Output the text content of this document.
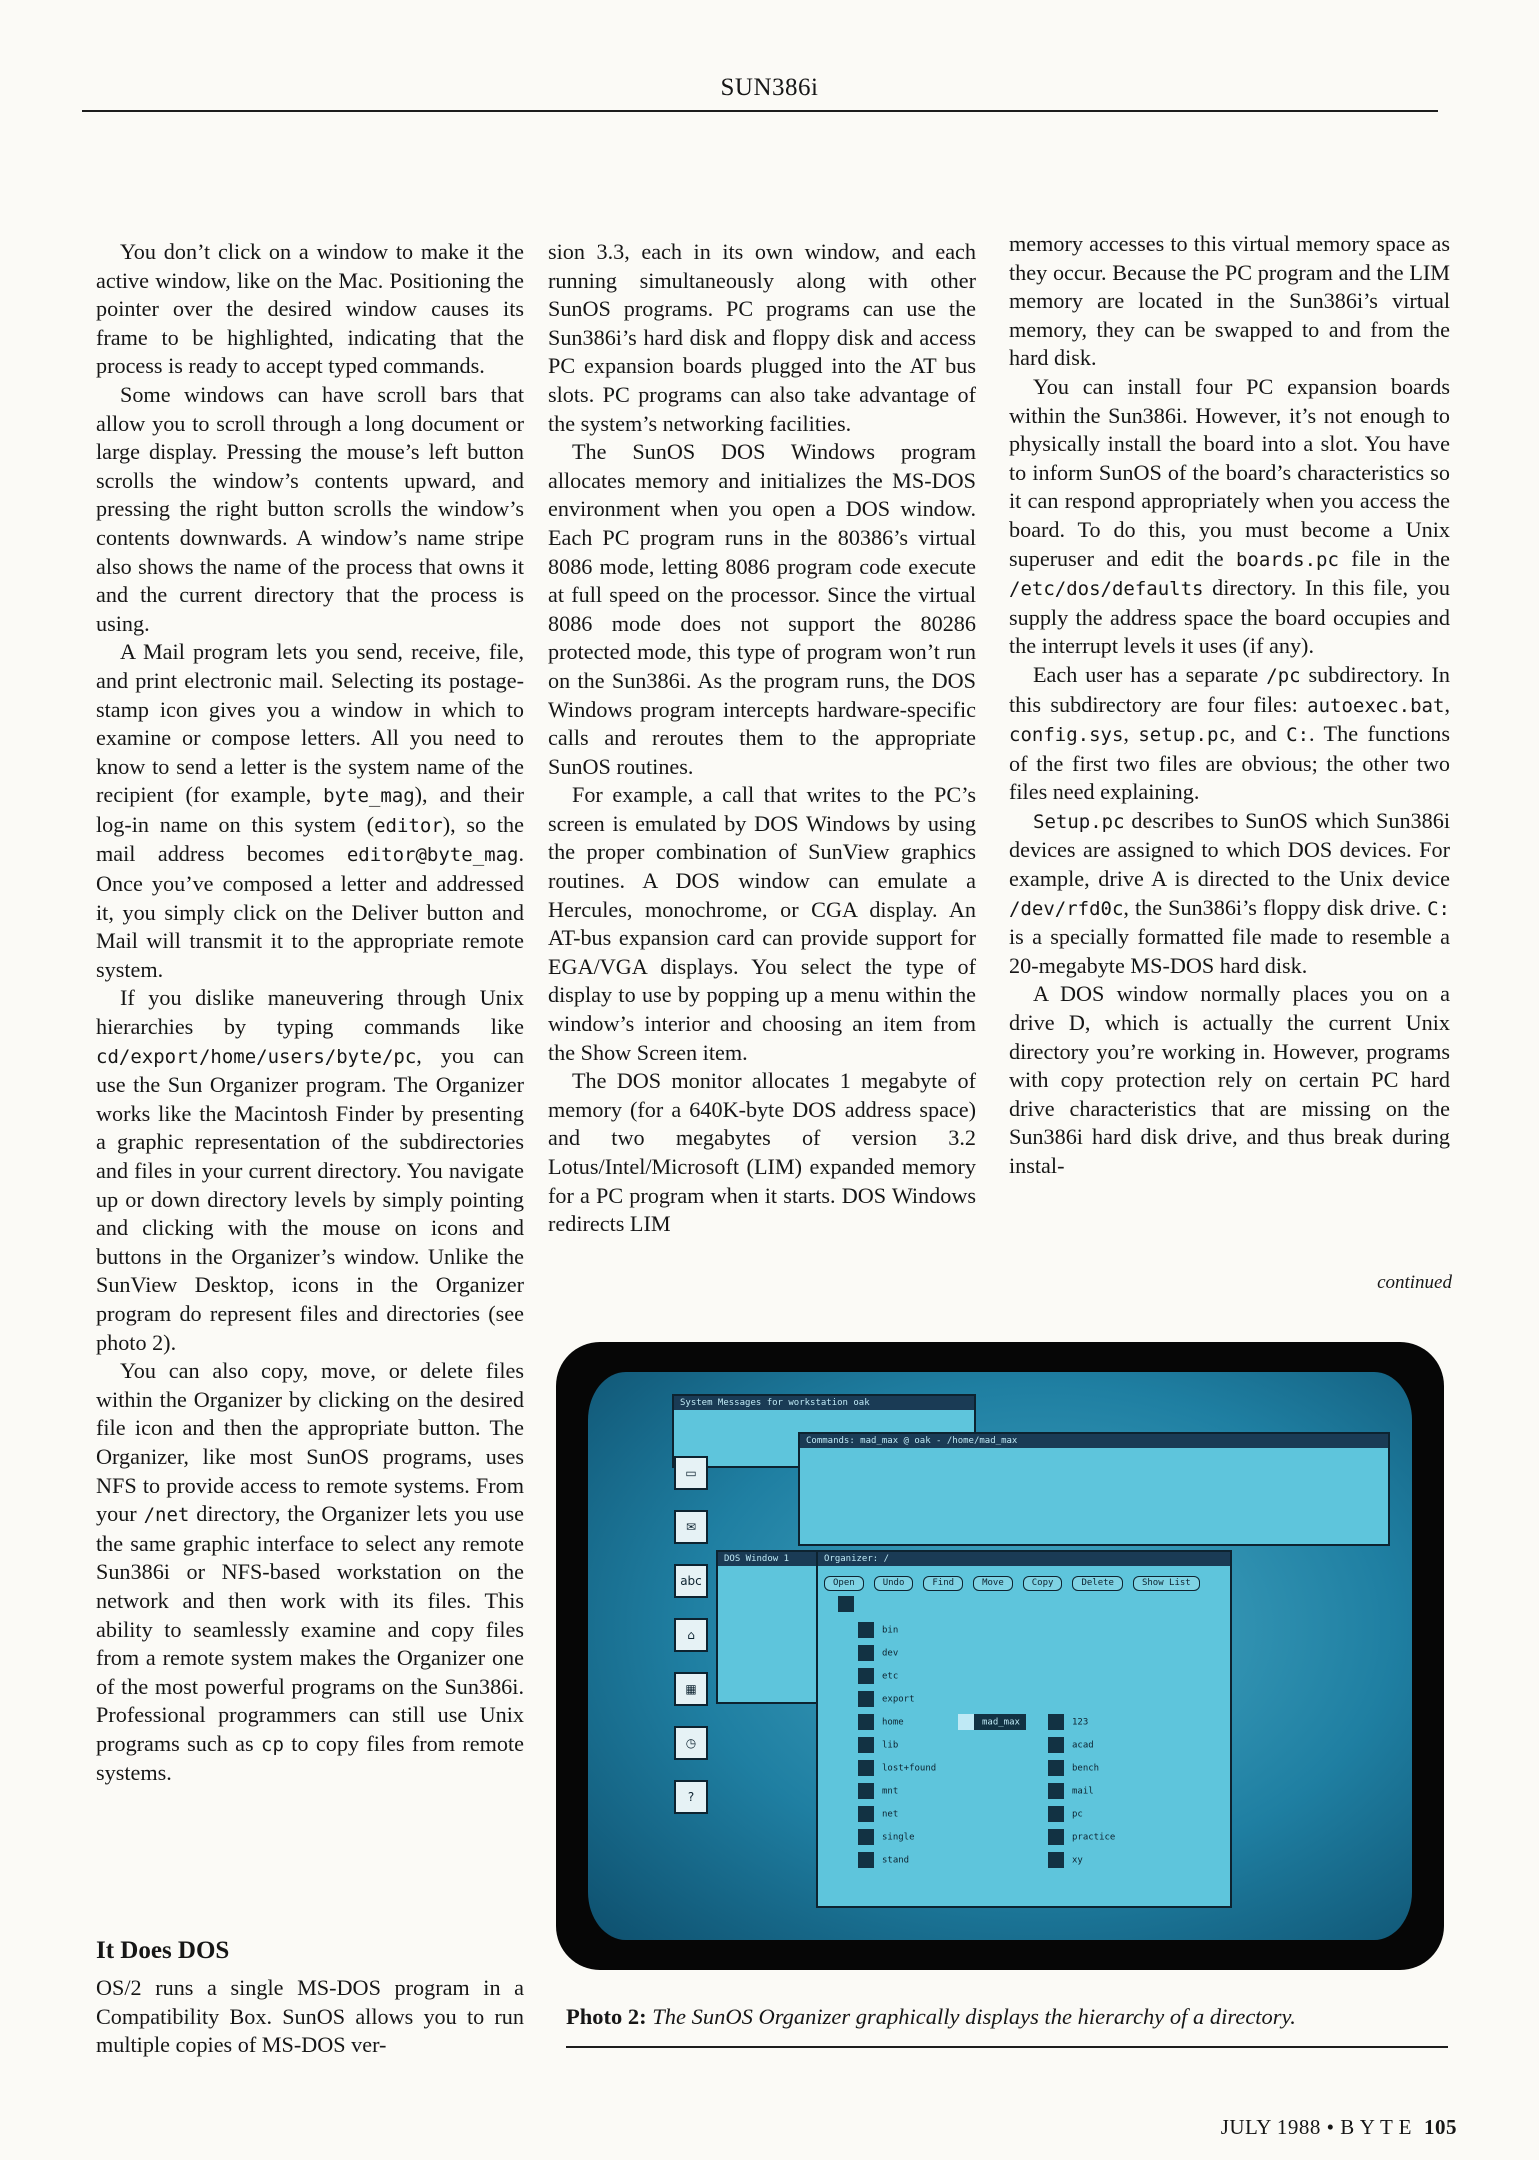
SUN386i

You don’t click on a window to make it the active window, like on the Mac. Positioning the pointer over the desired window causes its frame to be highlighted, indicating that the process is ready to accept typed commands.

Some windows can have scroll bars that allow you to scroll through a long document or large display. Pressing the mouse’s left button scrolls the window’s contents upward, and pressing the right button scrolls the window’s contents downwards. A window’s name stripe also shows the name of the process that owns it and the current directory that the process is using.

A Mail program lets you send, receive, file, and print electronic mail. Selecting its postage-stamp icon gives you a window in which to examine or compose letters. All you need to know to send a letter is the system name of the recipient (for example, byte_mag), and their log-in name on this system (editor), so the mail address becomes editor@byte_mag. Once you’ve composed a letter and addressed it, you simply click on the Deliver button and Mail will transmit it to the appropriate remote system.

If you dislike maneuvering through Unix hierarchies by typing commands like cd/export/home/users/byte/pc, you can use the Sun Organizer program. The Organizer works like the Macintosh Finder by presenting a graphic representation of the subdirectories and files in your current directory. You navigate up or down directory levels by simply pointing and clicking with the mouse on icons and buttons in the Organizer’s window. Unlike the SunView Desktop, icons in the Organizer program do represent files and directories (see photo 2).

You can also copy, move, or delete files within the Organizer by clicking on the desired file icon and then the appropriate button. The Organizer, like most SunOS programs, uses NFS to provide access to remote systems. From your /net directory, the Organizer lets you use the same graphic interface to select any remote Sun386i or NFS-based workstation on the network and then work with its files. This ability to seamlessly examine and copy files from a remote system makes the Organizer one of the most powerful programs on the Sun386i. Professional programmers can still use Unix programs such as cp to copy files from remote systems.

It Does DOS

OS/2 runs a single MS-DOS program in a Compatibility Box. SunOS allows you to run multiple copies of MS-DOS ver-

sion 3.3, each in its own window, and each running simultaneously along with other SunOS programs. PC programs can use the Sun386i’s hard disk and floppy disk and access PC expansion boards plugged into the AT bus slots. PC programs can also take advantage of the system’s networking facilities.

The SunOS DOS Windows program allocates memory and initializes the MS-DOS environment when you open a DOS window. Each PC program runs in the 80386’s virtual 8086 mode, letting 8086 program code execute at full speed on the processor. Since the virtual 8086 mode does not support the 80286 protected mode, this type of program won’t run on the Sun386i. As the program runs, the DOS Windows program intercepts hardware-specific calls and reroutes them to the appropriate SunOS routines.

For example, a call that writes to the PC’s screen is emulated by DOS Windows by using the proper combination of SunView graphics routines. A DOS window can emulate a Hercules, monochrome, or CGA display. An AT-bus expansion card can provide support for EGA/VGA displays. You select the type of display to use by popping up a menu within the window’s interior and choosing an item from the Show Screen item.

The DOS monitor allocates 1 megabyte of memory (for a 640K-byte DOS address space) and two megabytes of version 3.2 Lotus/Intel/Microsoft (LIM) expanded memory for a PC program when it starts. DOS Windows redirects LIM

memory accesses to this virtual memory space as they occur. Because the PC program and the LIM memory are located in the Sun386i’s virtual memory, they can be swapped to and from the hard disk.

You can install four PC expansion boards within the Sun386i. However, it’s not enough to physically install the board into a slot. You have to inform SunOS of the board’s characteristics so it can respond appropriately when you access the board. To do this, you must become a Unix superuser and edit the boards.pc file in the /etc/dos/defaults directory. In this file, you supply the address space the board occupies and the interrupt levels it uses (if any).

Each user has a separate /pc subdirectory. In this subdirectory are four files: autoexec.bat, config.sys, setup.pc, and C:. The functions of the first two files are obvious; the other two files need explaining.

Setup.pc describes to SunOS which Sun386i devices are assigned to which DOS devices. For example, drive A is directed to the Unix device /dev/rfd0c, the Sun386i’s floppy disk drive. C: is a specially formatted file made to resemble a 20-megabyte MS-DOS hard disk.

A DOS window normally places you on a drive D, which is actually the current Unix directory you’re working in. However, programs with copy protection rely on certain PC hard drive characteristics that are missing on the Sun386i hard disk drive, and thus break during instal-

continued
System Messages for workstation oak
Commands: mad_max @ oak - /home/mad_max
DOS Window 1
▭
✉
abc
⌂
▦
◷
?
Organizer: /
Open	Undo	Find	Move	Copy	Delete	Show List
bin
dev
etc
export
home
lib
lost+found
mnt
net
single
stand
mad_max	123
acad
bench
mail
pc
practice
xy
Photo 2: The SunOS Organizer graphically displays the hierarchy of a directory.
JULY 1988 • B Y T E 105
